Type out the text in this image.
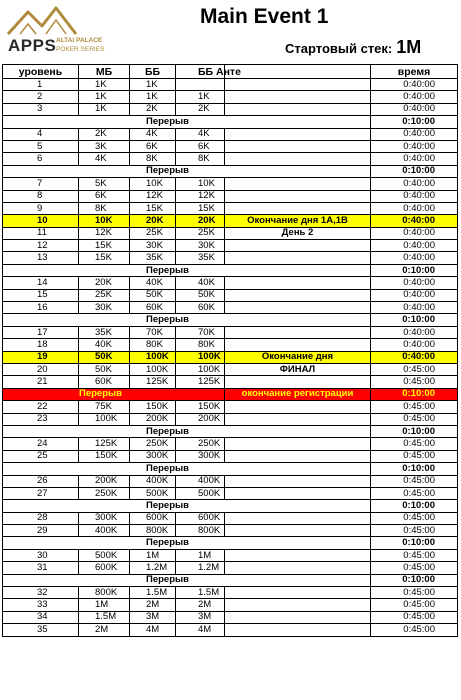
APPS ALTAI PALACE
POKER SERIES
Main Event 1
Стартовый стек: 1M
уровень	МБ	ББ	ББ Анте		время
1	1K	1K			0:40:00
2	1K	1K	1K		0:40:00
3	1K	2K	2K		0:40:00
Перерыв					0:10:00
4	2K	4K	4K		0:40:00
5	3K	6K	6K		0:40:00
6	4K	8K	8K		0:40:00
Перерыв					0:10:00
7	5K	10K	10K		0:40:00
8	6K	12K	12K		0:40:00
9	8K	15K	15K		0:40:00
10	10K	20K	20K	Окончание дня 1A,1B	0:40:00
11	12K	25K	25K	День 2	0:40:00
12	15K	30K	30K		0:40:00
13	15K	35K	35K		0:40:00
Перерыв					0:10:00
14	20K	40K	40K		0:40:00
15	25K	50K	50K		0:40:00
16	30K	60K	60K		0:40:00
Перерыв					0:10:00
17	35K	70K	70K		0:40:00
18	40K	80K	80K		0:40:00
19	50K	100K	100K	Окончание дня	0:40:00
20	50K	100K	100K	ФИНАЛ	0:45:00
21	60K	125K	125K		0:45:00
Перерыв				окончание регистрации	0:10:00
22	75K	150K	150K		0:45:00
23	100K	200K	200K		0:45:00
Перерыв					0:10:00
24	125K	250K	250K		0:45:00
25	150K	300K	300K		0:45:00
Перерыв					0:10:00
26	200K	400K	400K		0:45:00
27	250K	500K	500K		0:45:00
Перерыв					0:10:00
28	300K	600K	600K		0:45:00
29	400K	800K	800K		0:45:00
Перерыв					0:10:00
30	500K	1M	1M		0:45:00
31	600K	1.2M	1.2M		0:45:00
Перерыв					0:10:00
32	800K	1.5M	1.5M		0:45:00
33	1M	2M	2M		0:45:00
34	1.5M	3M	3M		0:45:00
35	2M	4M	4M		0:45:00
